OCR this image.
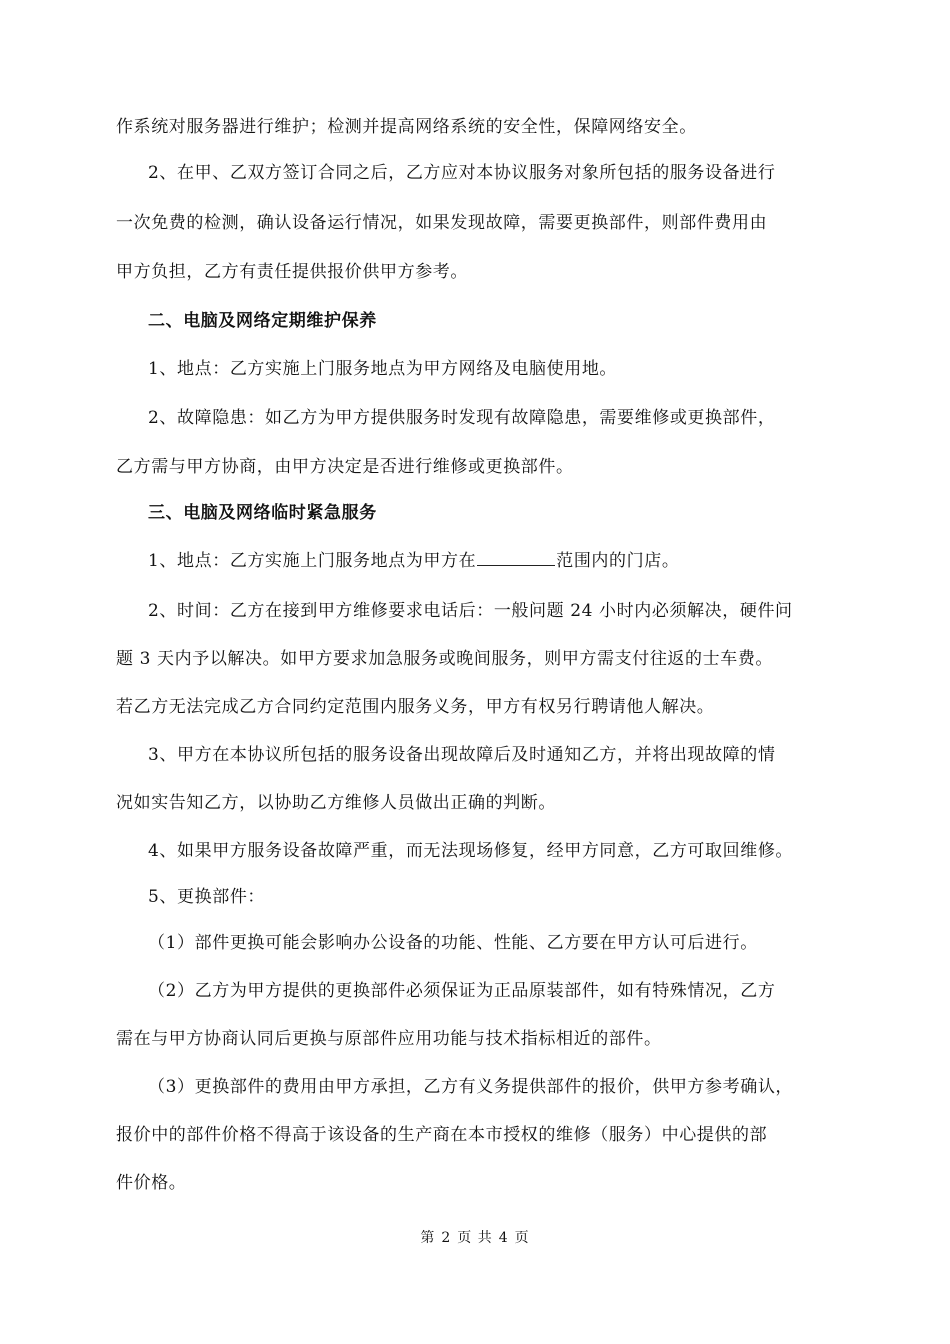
作系统对服务器进行维护；检测并提高网络系统的安全性，保障网络安全。
2、在甲、乙双方签订合同之后，乙方应对本协议服务对象所包括的服务设备进行
一次免费的检测，确认设备运行情况，如果发现故障，需要更换部件，则部件费用由
甲方负担，乙方有责任提供报价供甲方参考。
二、电脑及网络定期维护保养
1、地点：乙方实施上门服务地点为甲方网络及电脑使用地。
2、故障隐患：如乙方为甲方提供服务时发现有故障隐患，需要维修或更换部件，
乙方需与甲方协商，由甲方决定是否进行维修或更换部件。
三、电脑及网络临时紧急服务
1、地点：乙方实施上门服务地点为甲方在	范围内的门店。
2、时间：乙方在接到甲方维修要求电话后：一般问题 24 小时内必须解决，硬件问
题 3 天内予以解决。如甲方要求加急服务或晚间服务，则甲方需支付往返的士车费。
若乙方无法完成乙方合同约定范围内服务义务，甲方有权另行聘请他人解决。
3、甲方在本协议所包括的服务设备出现故障后及时通知乙方，并将出现故障的情
况如实告知乙方，以协助乙方维修人员做出正确的判断。
4、如果甲方服务设备故障严重，而无法现场修复，经甲方同意，乙方可取回维修。
5、更换部件：
（1）部件更换可能会影响办公设备的功能、性能、乙方要在甲方认可后进行。
（2）乙方为甲方提供的更换部件必须保证为正品原装部件，如有特殊情况，乙方
需在与甲方协商认同后更换与原部件应用功能与技术指标相近的部件。
（3）更换部件的费用由甲方承担，乙方有义务提供部件的报价，供甲方参考确认，
报价中的部件价格不得高于该设备的生产商在本市授权的维修（服务）中心提供的部
件价格。
第 2 页 共 4 页
